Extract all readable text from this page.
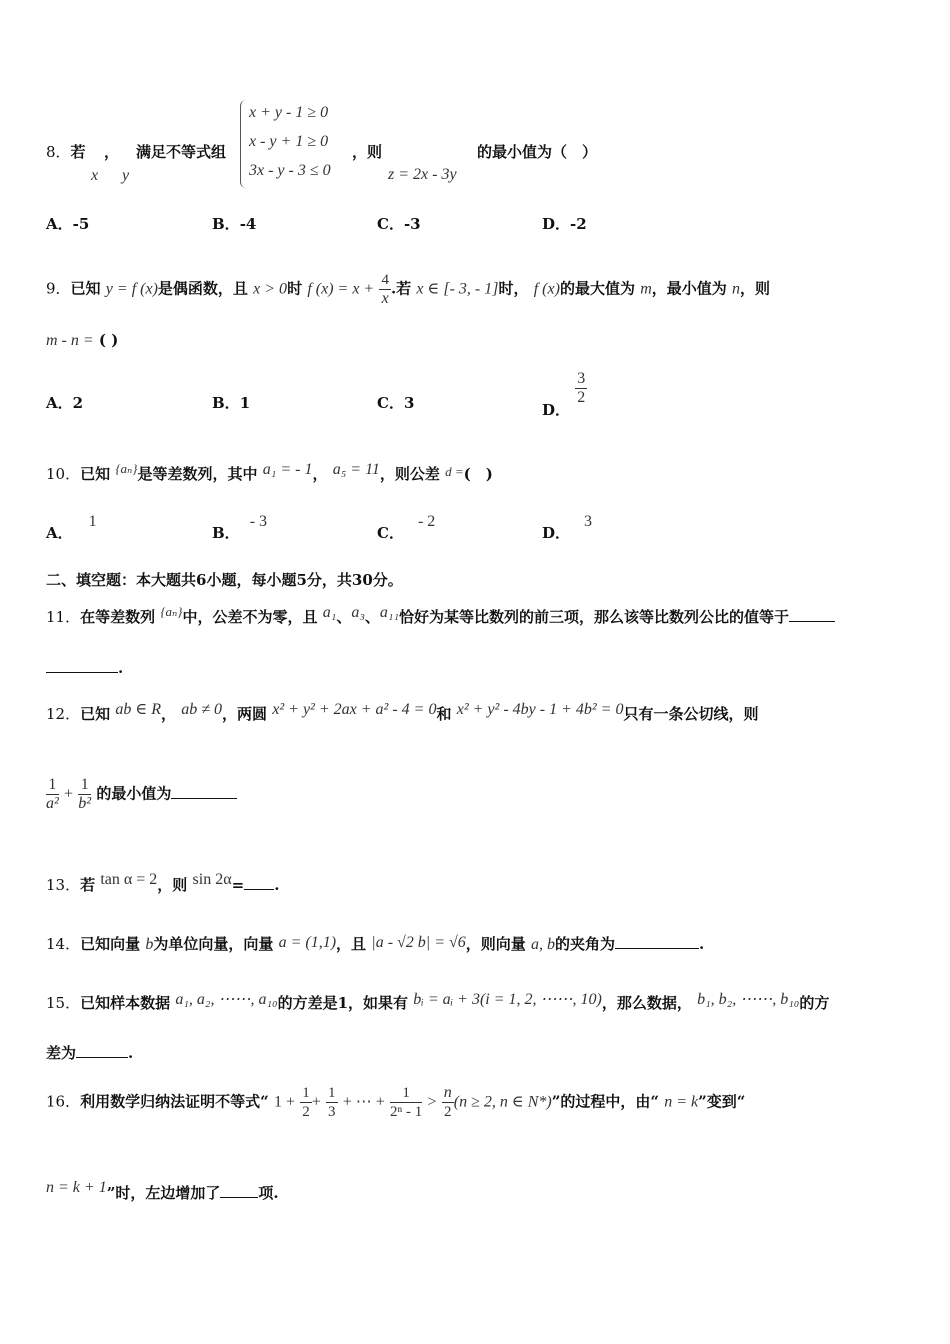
8．若 ， 满足不等式组
x y
x + y - 1 ≥ 0
x - y + 1 ≥ 0
3x - y - 3 ≤ 0
，则
z = 2x - 3y
的最小值为（　）
A．-5	B．-4	C．-3	D．-2
9．已知 y = f (x)是偶函数，且 x > 0时 f $(x) = x + \frac{4}{x}$ .若 x ∈ [- 3, - 1]时， f (x)的最大值为 m，最小值为 n，则
m - n = ( )
A．2	B．1	C．3	D．
$\frac{3}{2}$
10．已知 {aₙ}是等差数列，其中 a₁ = - 1， a₅ = 11，则公差 d =(　)
A．1
B．- 3
C．- 2
D．3
二、填空题：本大题共6小题，每小题5分，共30分。
11．在等差数列 {aₙ}中，公差不为零，且 a₁、a₃、a₁₁恰好为某等比数列的前三项，那么该等比数列公比的值等于
.
12．已知 ab ∈ R， ab ≠ 0，两圆 x² + y² + 2ax + a² - 4 = 0和 x² + y² - 4by - 1 + 4b² = 0只有一条公切线，则
$\frac{1}{\text{a²}} + \frac{1}{\text{b²}}$ 的最小值为
13．若 tan α = 2，则 sin 2α= .
14．已知向量 b为单位向量，向量 a = (1,1)，且 |a - √2 b| = √6，则向量 a, b的夹角为	.
15．已知样本数据 a₁, a₂, ⋯⋯, a₁₀的方差是1，如果有 bᵢ = aᵢ + 3(i = 1, 2, ⋯⋯, 10)，那么数据， b₁, b₂, ⋯⋯, b₁₀的方
差为	.
16．利用数学归纳法证明不等式“ $1 + \frac{1}{2} + \frac{1}{3}$ + ⋯ + $\frac{1}{\text{2ⁿ - 1}} > \frac{n}{2} (n \ge 2$, n ∈ N*)”的过程中，由“ n = k”变到“
n = k + 1”时，左边增加了	项.
